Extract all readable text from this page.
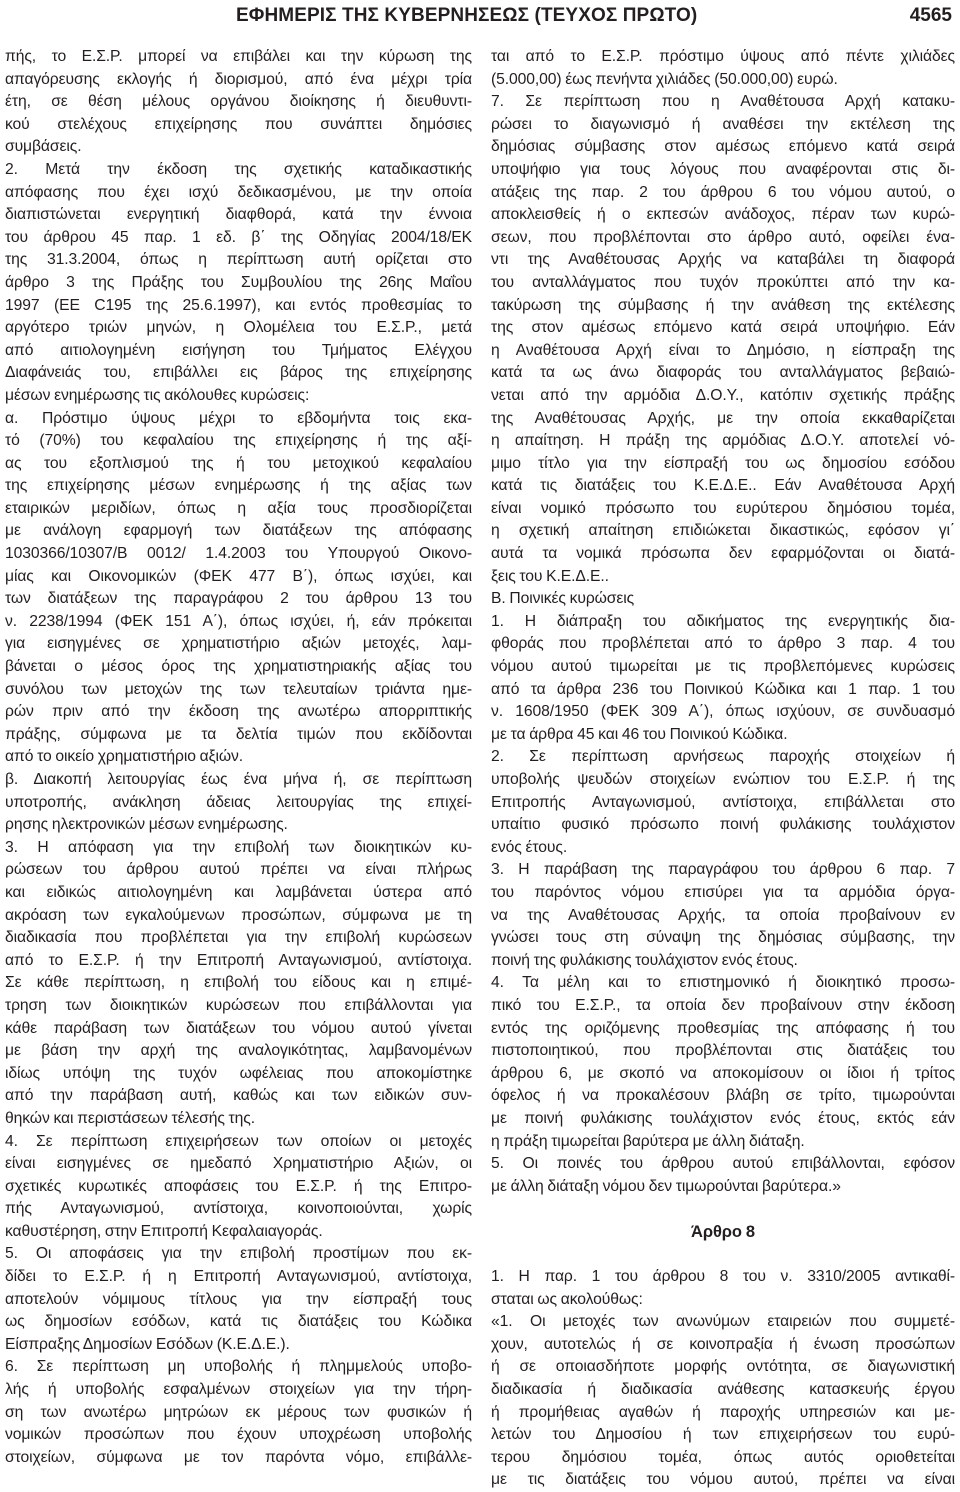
ΕΦΗΜΕΡΙΣ ΤΗΣ ΚΥΒΕΡΝΗΣΕΩΣ (ΤΕΥΧΟΣ ΠΡΩΤΟ)	4565
πής, το Ε.Σ.Ρ. μπορεί να επιβάλει και την κύρωση της
απαγόρευσης εκλογής ή διορισμού, από ένα μέχρι τρία
έτη, σε θέση μέλους οργάνου διοίκησης ή διευθυντι-
κού στελέχους επιχείρησης που συνάπτει δημόσιες
συμβάσεις.
2. Μετά την έκδοση της σχετικής καταδικαστικής
απόφασης που έχει ισχύ δεδικασμένου, με την οποία
διαπιστώνεται ενεργητική διαφθορά, κατά την έννοια
του άρθρου 45 παρ. 1 εδ. β΄ της Οδηγίας 2004/18/ΕΚ
της 31.3.2004, όπως η περίπτωση αυτή ορίζεται στο
άρθρο 3 της Πράξης του Συμβουλίου της 26ης Μαΐου
1997 (ΕΕ C195 της 25.6.1997), και εντός προθεσμίας το
αργότερο τριών μηνών, η Ολομέλεια του Ε.Σ.Ρ., μετά
από αιτιολογημένη εισήγηση του Τμήματος Ελέγχου
Διαφάνειάς του, επιβάλλει εις βάρος της επιχείρησης
μέσων ενημέρωσης τις ακόλουθες κυρώσεις:
α. Πρόστιμο ύψους μέχρι το εβδομήντα τοις εκα-
τό (70%) του κεφαλαίου της επιχείρησης ή της αξί-
ας του εξοπλισμού της ή του μετοχικού κεφαλαίου
της επιχείρησης μέσων ενημέρωσης ή της αξίας των
εταιρικών μεριδίων, όπως η αξία τους προσδιορίζεται
με ανάλογη εφαρμογή των διατάξεων της απόφασης
1030366/10307/Β 0012/ 1.4.2003 του Υπουργού Οικονο-
μίας και Οικονομικών (ΦΕΚ 477 Β΄), όπως ισχύει, και
των διατάξεων της παραγράφου 2 του άρθρου 13 του
ν. 2238/1994 (ΦΕΚ 151 Α΄), όπως ισχύει, ή, εάν πρόκειται
για εισηγμένες σε χρηματιστήριο αξιών μετοχές, λαμ-
βάνεται ο μέσος όρος της χρηματιστηριακής αξίας του
συνόλου των μετοχών της των τελευταίων τριάντα ημε-
ρών πριν από την έκδοση της ανωτέρω απορριπτικής
πράξης, σύμφωνα με τα δελτία τιμών που εκδίδονται
από το οικείο χρηματιστήριο αξιών.
β. Διακοπή λειτουργίας έως ένα μήνα ή, σε περίπτωση
υποτροπής, ανάκληση άδειας λειτουργίας της επιχεί-
ρησης ηλεκτρονικών μέσων ενημέρωσης.
3. Η απόφαση για την επιβολή των διοικητικών κυ-
ρώσεων του άρθρου αυτού πρέπει να είναι πλήρως
και ειδικώς αιτιολογημένη και λαμβάνεται ύστερα από
ακρόαση των εγκαλούμενων προσώπων, σύμφωνα με τη
διαδικασία που προβλέπεται για την επιβολή κυρώσεων
από το Ε.Σ.Ρ. ή την Επιτροπή Ανταγωνισμού, αντίστοιχα.
Σε κάθε περίπτωση, η επιβολή του είδους και η επιμέ-
τρηση των διοικητικών κυρώσεων που επιβάλλονται για
κάθε παράβαση των διατάξεων του νόμου αυτού γίνεται
με βάση την αρχή της αναλογικότητας, λαμβανομένων
ιδίως υπόψη της τυχόν ωφέλειας που αποκομίστηκε
από την παράβαση αυτή, καθώς και των ειδικών συν-
θηκών και περιστάσεων τέλεσής της.
4. Σε περίπτωση επιχειρήσεων των οποίων οι μετοχές
είναι εισηγμένες σε ημεδαπό Χρηματιστήριο Αξιών, οι
σχετικές κυρωτικές αποφάσεις του Ε.Σ.Ρ. ή της Επιτρο-
πής Ανταγωνισμού, αντίστοιχα, κοινοποιούνται, χωρίς
καθυστέρηση, στην Επιτροπή Κεφαλαιαγοράς.
5. Οι αποφάσεις για την επιβολή προστίμων που εκ-
δίδει το Ε.Σ.Ρ. ή η Επιτροπή Ανταγωνισμού, αντίστοιχα,
αποτελούν νόμιμους τίτλους για την είσπραξή τους
ως δημοσίων εσόδων, κατά τις διατάξεις του Κώδικα
Είσπραξης Δημοσίων Εσόδων (Κ.Ε.Δ.Ε.).
6. Σε περίπτωση μη υποβολής ή πλημμελούς υποβο-
λής ή υποβολής εσφαλμένων στοιχείων για την τήρη-
ση των ανωτέρω μητρώων εκ μέρους των φυσικών ή
νομικών προσώπων που έχουν υποχρέωση υποβολής
στοιχείων, σύμφωνα με τον παρόντα νόμο, επιβάλλε-
ται από το Ε.Σ.Ρ. πρόστιμο ύψους από πέντε χιλιάδες
(5.000,00) έως πενήντα χιλιάδες (50.000,00) ευρώ.
7. Σε περίπτωση που η Αναθέτουσα Αρχή κατακυ-
ρώσει το διαγωνισμό ή αναθέσει την εκτέλεση της
δημόσιας σύμβασης στον αμέσως επόμενο κατά σειρά
υποψήφιο για τους λόγους που αναφέρονται στις δι-
ατάξεις της παρ. 2 του άρθρου 6 του νόμου αυτού, ο
αποκλεισθείς ή ο εκπεσών ανάδοχος, πέραν των κυρώ-
σεων, που προβλέπονται στο άρθρο αυτό, οφείλει ένα-
ντι της Αναθέτουσας Αρχής να καταβάλει τη διαφορά
του ανταλλάγματος που τυχόν προκύπτει από την κα-
τακύρωση της σύμβασης ή την ανάθεση της εκτέλεσης
της στον αμέσως επόμενο κατά σειρά υποψήφιο. Εάν
η Αναθέτουσα Αρχή είναι το Δημόσιο, η είσπραξη της
κατά τα ως άνω διαφοράς του ανταλλάγματος βεβαιώ-
νεται από την αρμόδια Δ.Ο.Υ., κατόπιν σχετικής πράξης
της Αναθέτουσας Αρχής, με την οποία εκκαθαρίζεται
η απαίτηση. Η πράξη της αρμόδιας Δ.Ο.Υ. αποτελεί νό-
μιμο τίτλο για την είσπραξή του ως δημοσίου εσόδου
κατά τις διατάξεις του Κ.Ε.Δ.Ε.. Εάν Αναθέτουσα Αρχή
είναι νομικό πρόσωπο του ευρύτερου δημόσιου τομέα,
η σχετική απαίτηση επιδιώκεται δικαστικώς, εφόσον γι΄
αυτά τα νομικά πρόσωπα δεν εφαρμόζονται οι διατά-
ξεις του Κ.Ε.Δ.Ε..
Β. Ποινικές κυρώσεις
1. Η διάπραξη του αδικήματος της ενεργητικής δια-
φθοράς που προβλέπεται από το άρθρο 3 παρ. 4 του
νόμου αυτού τιμωρείται με τις προβλεπόμενες κυρώσεις
από τα άρθρα 236 του Ποινικού Κώδικα και 1 παρ. 1 του
ν. 1608/1950 (ΦΕΚ 309 Α΄), όπως ισχύουν, σε συνδυασμό
με τα άρθρα 45 και 46 του Ποινικού Κώδικα.
2. Σε περίπτωση αρνήσεως παροχής στοιχείων ή
υποβολής ψευδών στοιχείων ενώπιον του Ε.Σ.Ρ. ή της
Επιτροπής Ανταγωνισμού, αντίστοιχα, επιβάλλεται στο
υπαίτιο φυσικό πρόσωπο ποινή φυλάκισης τουλάχιστον
ενός έτους.
3. Η παράβαση της παραγράφου του άρθρου 6 παρ. 7
του παρόντος νόμου επισύρει για τα αρμόδια όργα-
να της Αναθέτουσας Αρχής, τα οποία προβαίνουν εν
γνώσει τους στη σύναψη της δημόσιας σύμβασης, την
ποινή της φυλάκισης τουλάχιστον ενός έτους.
4. Τα μέλη και το επιστημονικό ή διοικητικό προσω-
πικό του Ε.Σ.Ρ., τα οποία δεν προβαίνουν στην έκδοση
εντός της οριζόμενης προθεσμίας της απόφασης ή του
πιστοποιητικού, που προβλέπονται στις διατάξεις του
άρθρου 6, με σκοπό να αποκομίσουν οι ίδιοι ή τρίτος
όφελος ή να προκαλέσουν βλάβη σε τρίτο, τιμωρούνται
με ποινή φυλάκισης τουλάχιστον ενός έτους, εκτός εάν
η πράξη τιμωρείται βαρύτερα με άλλη διάταξη.
5. Οι ποινές του άρθρου αυτού επιβάλλονται, εφόσον
με άλλη διάταξη νόμου δεν τιμωρούνται βαρύτερα.»
Άρθρο 8
1. Η παρ. 1 του άρθρου 8 του ν. 3310/2005 αντικαθί-
σταται ως ακολούθως:
«1. Οι μετοχές των ανωνύμων εταιρειών που συμμετέ-
χουν, αυτοτελώς ή σε κοινοπραξία ή ένωση προσώπων
ή σε οποιασδήποτε μορφής οντότητα, σε διαγωνιστική
διαδικασία ή διαδικασία ανάθεσης κατασκευής έργου
ή προμήθειας αγαθών ή παροχής υπηρεσιών και με-
λετών του Δημοσίου ή των επιχειρήσεων του ευρύ-
τερου δημόσιου τομέα, όπως αυτός οριοθετείται
με τις διατάξεις του νόμου αυτού, πρέπει να είναι
